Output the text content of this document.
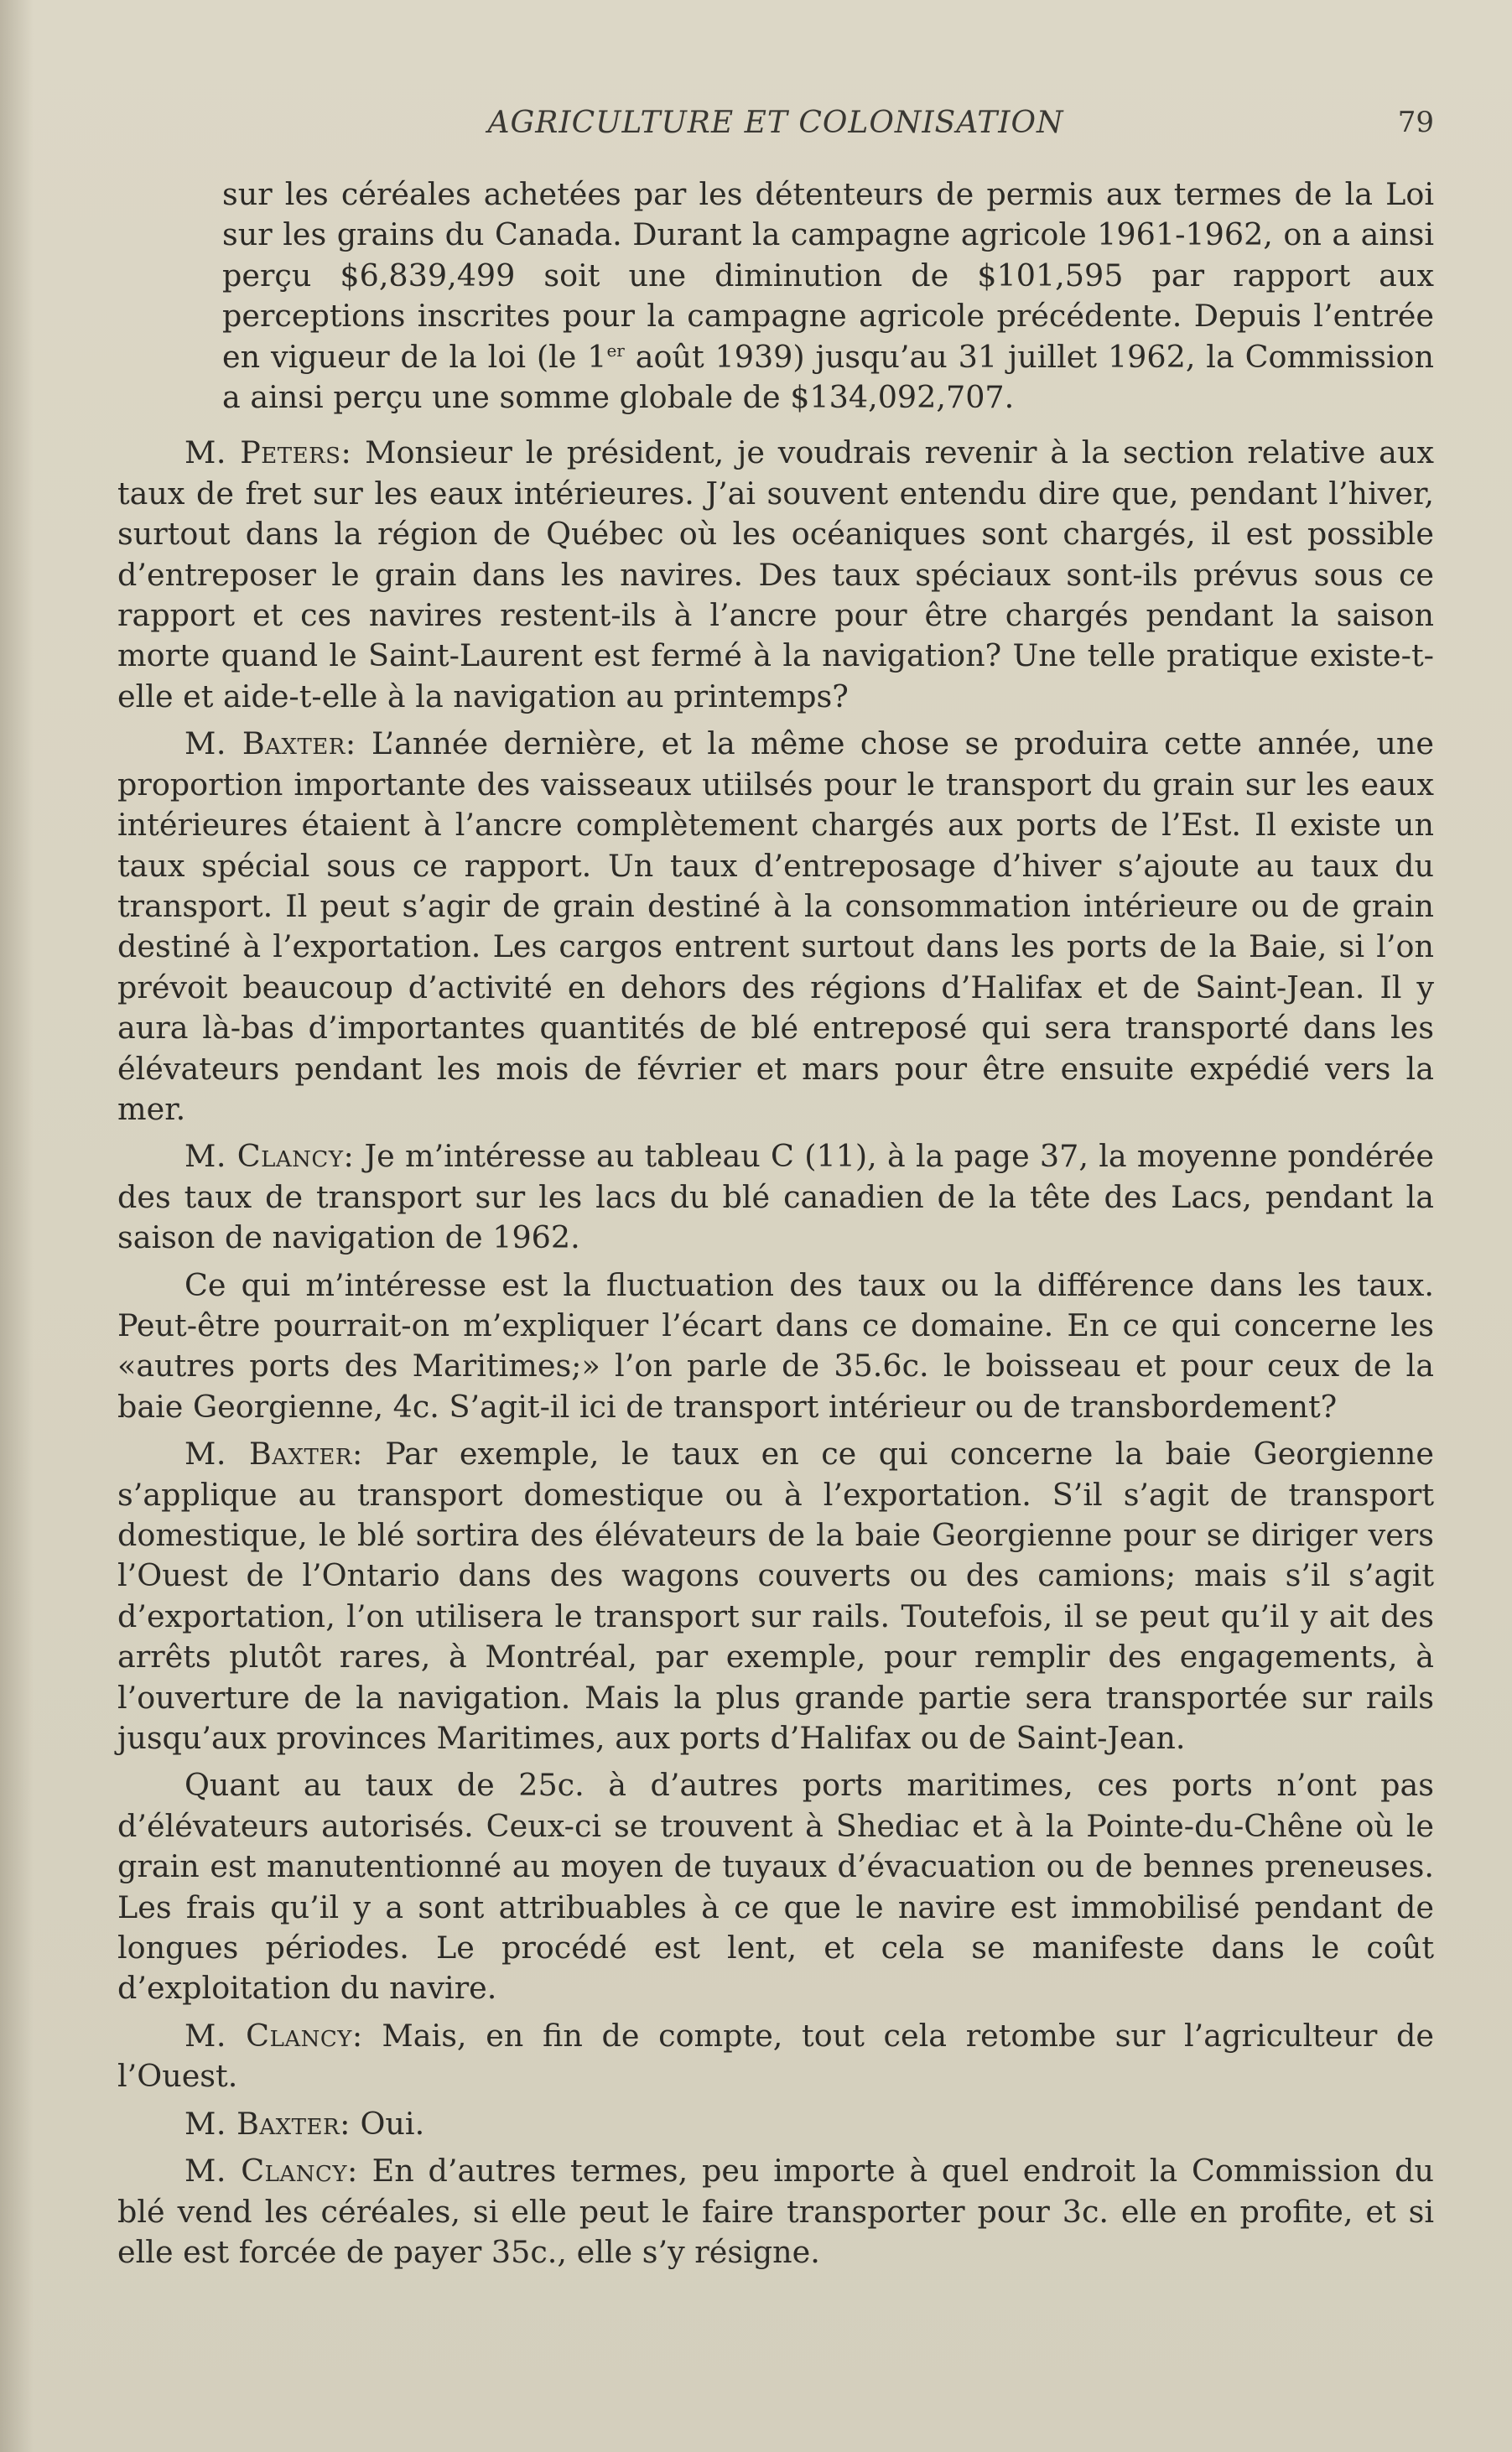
AGRICULTURE ET COLONISATION	79

sur les céréales achetées par les détenteurs de permis aux termes de la Loi sur les grains du Canada. Durant la campagne agricole 1961-1962, on a ainsi perçu $6,839,499 soit une diminution de $101,595 par rapport aux perceptions inscrites pour la campagne agricole précédente. Depuis l’entrée en vigueur de la loi (le 1er août 1939) jusqu’au 31 juillet 1962, la Commission a ainsi perçu une somme globale de $134,092,707.

M. Peters: Monsieur le président, je voudrais revenir à la section relative aux taux de fret sur les eaux intérieures. J’ai souvent entendu dire que, pendant l’hiver, surtout dans la région de Québec où les océaniques sont chargés, il est possible d’entreposer le grain dans les navires. Des taux spéciaux sont-ils prévus sous ce rapport et ces navires restent-ils à l’ancre pour être chargés pendant la saison morte quand le Saint-Laurent est fermé à la navigation? Une telle pratique existe-t-elle et aide-t-elle à la navigation au printemps?

M. Baxter: L’année dernière, et la même chose se produira cette année, une proportion importante des vaisseaux utiilsés pour le transport du grain sur les eaux intérieures étaient à l’ancre complètement chargés aux ports de l’Est. Il existe un taux spécial sous ce rapport. Un taux d’entreposage d’hiver s’ajoute au taux du transport. Il peut s’agir de grain destiné à la consommation intérieure ou de grain destiné à l’exportation. Les cargos entrent surtout dans les ports de la Baie, si l’on prévoit beaucoup d’activité en dehors des régions d’Halifax et de Saint-Jean. Il y aura là-bas d’importantes quantités de blé entreposé qui sera transporté dans les élévateurs pendant les mois de février et mars pour être ensuite expédié vers la mer.

M. Clancy: Je m’intéresse au tableau C (11), à la page 37, la moyenne pondérée des taux de transport sur les lacs du blé canadien de la tête des Lacs, pendant la saison de navigation de 1962.

Ce qui m’intéresse est la fluctuation des taux ou la différence dans les taux. Peut-être pourrait-on m’expliquer l’écart dans ce domaine. En ce qui concerne les «autres ports des Maritimes;» l’on parle de 35.6c. le boisseau et pour ceux de la baie Georgienne, 4c. S’agit-il ici de transport intérieur ou de transbordement?

M. Baxter: Par exemple, le taux en ce qui concerne la baie Georgienne s’applique au transport domestique ou à l’exportation. S’il s’agit de transport domestique, le blé sortira des élévateurs de la baie Georgienne pour se diriger vers l’Ouest de l’Ontario dans des wagons couverts ou des camions; mais s’il s’agit d’exportation, l’on utilisera le transport sur rails. Toutefois, il se peut qu’il y ait des arrêts plutôt rares, à Montréal, par exemple, pour remplir des engagements, à l’ouverture de la navigation. Mais la plus grande partie sera transportée sur rails jusqu’aux provinces Maritimes, aux ports d’Halifax ou de Saint-Jean.

Quant au taux de 25c. à d’autres ports maritimes, ces ports n’ont pas d’élévateurs autorisés. Ceux-ci se trouvent à Shediac et à la Pointe-du-Chêne où le grain est manutentionné au moyen de tuyaux d’évacuation ou de bennes preneuses. Les frais qu’il y a sont attribuables à ce que le navire est immobilisé pendant de longues périodes. Le procédé est lent, et cela se manifeste dans le coût d’exploitation du navire.

M. Clancy: Mais, en fin de compte, tout cela retombe sur l’agriculteur de l’Ouest.

M. Baxter: Oui.

M. Clancy: En d’autres termes, peu importe à quel endroit la Commission du blé vend les céréales, si elle peut le faire transporter pour 3c. elle en profite, et si elle est forcée de payer 35c., elle s’y résigne.
